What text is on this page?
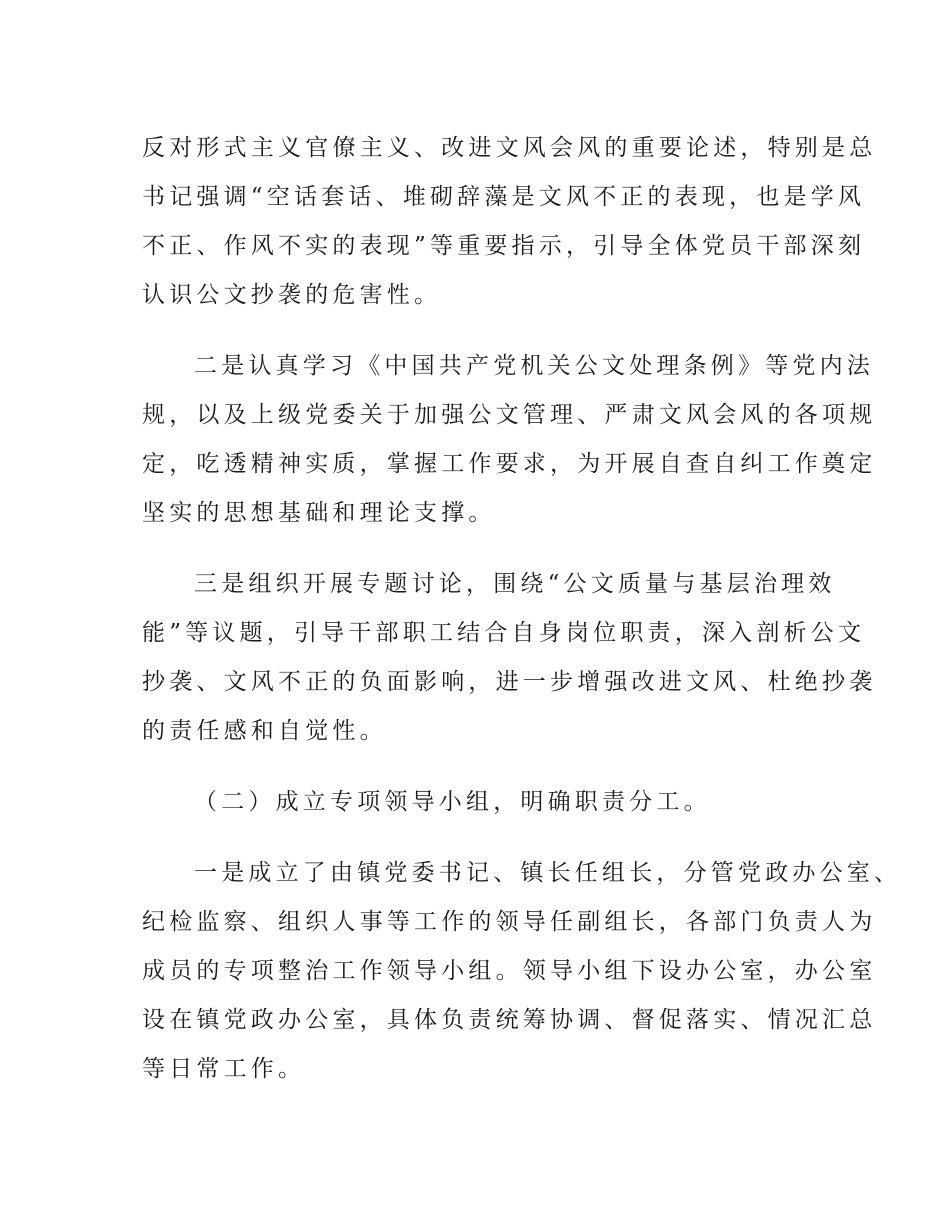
反对形式主义官僚主义、改进文风会风的重要论述，特别是总
书记强调“空话套话、堆砌辞藻是文风不正的表现，也是学风
不正、作风不实的表现”等重要指示，引导全体党员干部深刻
认识公文抄袭的危害性。

二是认真学习《中国共产党机关公文处理条例》等党内法
规，以及上级党委关于加强公文管理、严肃文风会风的各项规
定，吃透精神实质，掌握工作要求，为开展自查自纠工作奠定
坚实的思想基础和理论支撑。

三是组织开展专题讨论，围绕“公文质量与基层治理效
能”等议题，引导干部职工结合自身岗位职责，深入剖析公文
抄袭、文风不正的负面影响，进一步增强改进文风、杜绝抄袭
的责任感和自觉性。

（二）成立专项领导小组，明确职责分工。

一是成立了由镇党委书记、镇长任组长，分管党政办公室、
纪检监察、组织人事等工作的领导任副组长，各部门负责人为
成员的专项整治工作领导小组。领导小组下设办公室，办公室
设在镇党政办公室，具体负责统筹协调、督促落实、情况汇总
等日常工作。
